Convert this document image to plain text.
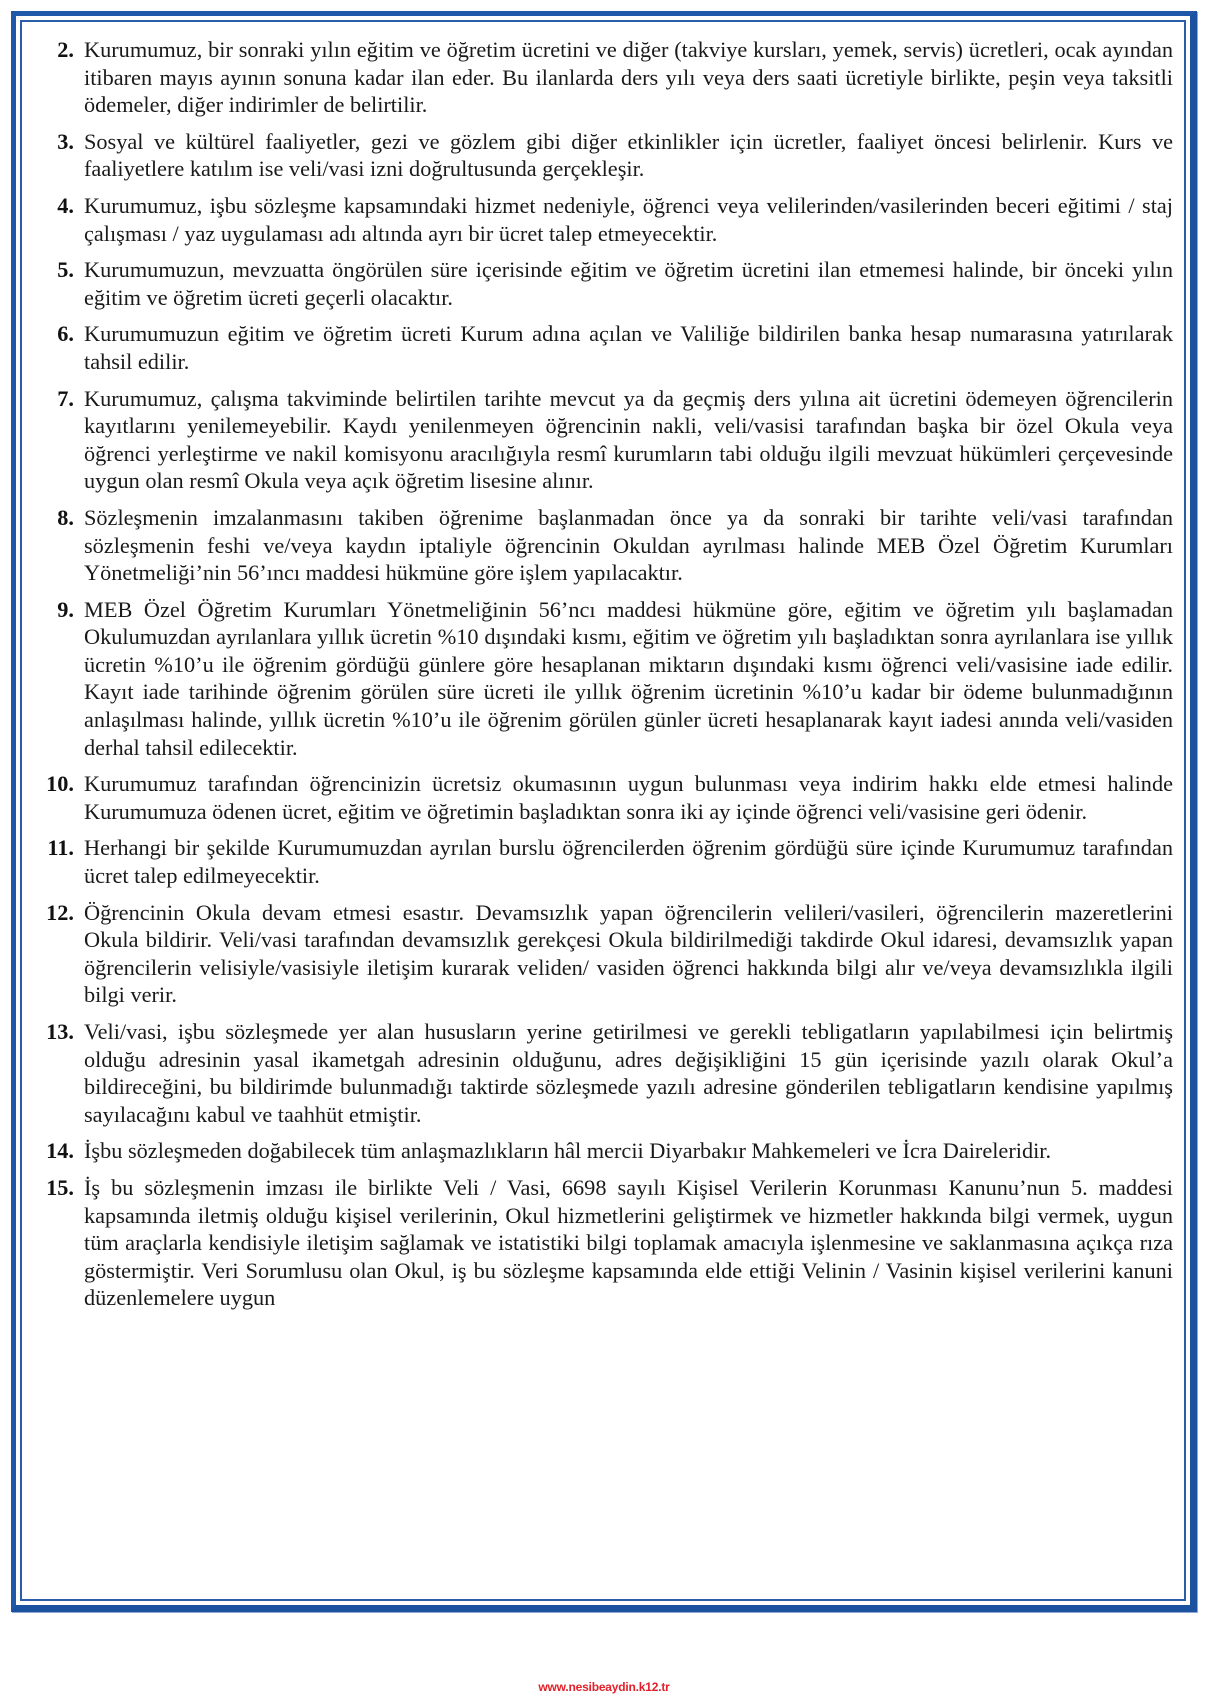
2. Kurumumuz, bir sonraki yılın eğitim ve öğretim ücretini ve diğer (takviye kursları, yemek, servis) ücretleri, ocak ayından itibaren mayıs ayının sonuna kadar ilan eder. Bu ilanlarda ders yılı veya ders saati ücretiyle birlikte, peşin veya taksitli ödemeler, diğer indirimler de belirtilir.
3. Sosyal ve kültürel faaliyetler, gezi ve gözlem gibi diğer etkinlikler için ücretler, faaliyet öncesi belirlenir. Kurs ve faaliyetlere katılım ise veli/vasi izni doğrultusunda gerçekleşir.
4. Kurumumuz, işbu sözleşme kapsamındaki hizmet nedeniyle, öğrenci veya velilerinden/vasilerinden beceri eğitimi / staj çalışması / yaz uygulaması adı altında ayrı bir ücret talep etmeyecektir.
5. Kurumumuzun, mevzuatta öngörülen süre içerisinde eğitim ve öğretim ücretini ilan etmemesi halinde, bir önceki yılın eğitim ve öğretim ücreti geçerli olacaktır.
6. Kurumumuzun eğitim ve öğretim ücreti Kurum adına açılan ve Valiliğe bildirilen banka hesap numarasına yatırılarak tahsil edilir.
7. Kurumumuz, çalışma takviminde belirtilen tarihte mevcut ya da geçmiş ders yılına ait ücretini ödemeyen öğrencilerin kayıtlarını yenilemeyebilir. Kaydı yenilenmeyen öğrencinin nakli, veli/vasisi tarafından başka bir özel Okula veya öğrenci yerleştirme ve nakil komisyonu aracılığıyla resmî kurumların tabi olduğu ilgili mevzuat hükümleri çerçevesinde uygun olan resmî Okula veya açık öğretim lisesine alınır.
8. Sözleşmenin imzalanmasını takiben öğrenime başlanmadan önce ya da sonraki bir tarihte veli/vasi tarafından sözleşmenin feshi ve/veya kaydın iptaliyle öğrencinin Okuldan ayrılması halinde MEB Özel Öğretim Kurumları Yönetmeliği’nin 56’ıncı maddesi hükmüne göre işlem yapılacaktır.
9. MEB Özel Öğretim Kurumları Yönetmeliğinin 56’ncı maddesi hükmüne göre, eğitim ve öğretim yılı başlamadan Okulumuzdan ayrılanlara yıllık ücretin %10 dışındaki kısmı, eğitim ve öğretim yılı başladıktan sonra ayrılanlara ise yıllık ücretin %10’u ile öğrenim gördüğü günlere göre hesaplanan miktarın dışındaki kısmı öğrenci veli/vasisine iade edilir. Kayıt iade tarihinde öğrenim görülen süre ücreti ile yıllık öğrenim ücretinin %10’u kadar bir ödeme bulunmadığının anlaşılması halinde, yıllık ücretin %10’u ile öğrenim görülen günler ücreti hesaplanarak kayıt iadesi anında veli/vasiden derhal tahsil edilecektir.
10. Kurumumuz tarafından öğrencinizin ücretsiz okumasının uygun bulunması veya indirim hakkı elde etmesi halinde Kurumumuza ödenen ücret, eğitim ve öğretimin başladıktan sonra iki ay içinde öğrenci veli/vasisine geri ödenir.
11. Herhangi bir şekilde Kurumumuzdan ayrılan burslu öğrencilerden öğrenim gördüğü süre içinde Kurumumuz tarafından ücret talep edilmeyecektir.
12. Öğrencinin Okula devam etmesi esastır. Devamsızlık yapan öğrencilerin velileri/vasileri, öğrencilerin mazeretlerini Okula bildirir. Veli/vasi tarafından devamsızlık gerekçesi Okula bildirilmediği takdirde Okul idaresi, devamsızlık yapan öğrencilerin velisiyle/vasisiyle iletişim kurarak veliden/ vasiden öğrenci hakkında bilgi alır ve/veya devamsızlıkla ilgili bilgi verir.
13. Veli/vasi, işbu sözleşmede yer alan hususların yerine getirilmesi ve gerekli tebligatların yapılabilmesi için belirtmiş olduğu adresinin yasal ikametgah adresinin olduğunu, adres değişikliğini 15 gün içerisinde yazılı olarak Okul’a bildireceğini, bu bildirimde bulunmadığı taktirde sözleşmede yazılı adresine gönderilen tebligatların kendisine yapılmış sayılacağını kabul ve taahhüt etmiştir.
14. İşbu sözleşmeden doğabilecek tüm anlaşmazlıkların hâl mercii Diyarbakır Mahkemeleri ve İcra Daireleridir.
15. İş bu sözleşmenin imzası ile birlikte Veli / Vasi, 6698 sayılı Kişisel Verilerin Korunması Kanunu’nun 5. maddesi kapsamında iletmiş olduğu kişisel verilerinin, Okul hizmetlerini geliştirmek ve hizmetler hakkında bilgi vermek, uygun tüm araçlarla kendisiyle iletişim sağlamak ve istatistiki bilgi toplamak amacıyla işlenmesine ve saklanmasına açıkça rıza göstermiştir. Veri Sorumlusu olan Okul, iş bu sözleşme kapsamında elde ettiği Velinin / Vasinin kişisel verilerini kanuni düzenlemelere uygun
www.nesibeaydin.k12.tr
